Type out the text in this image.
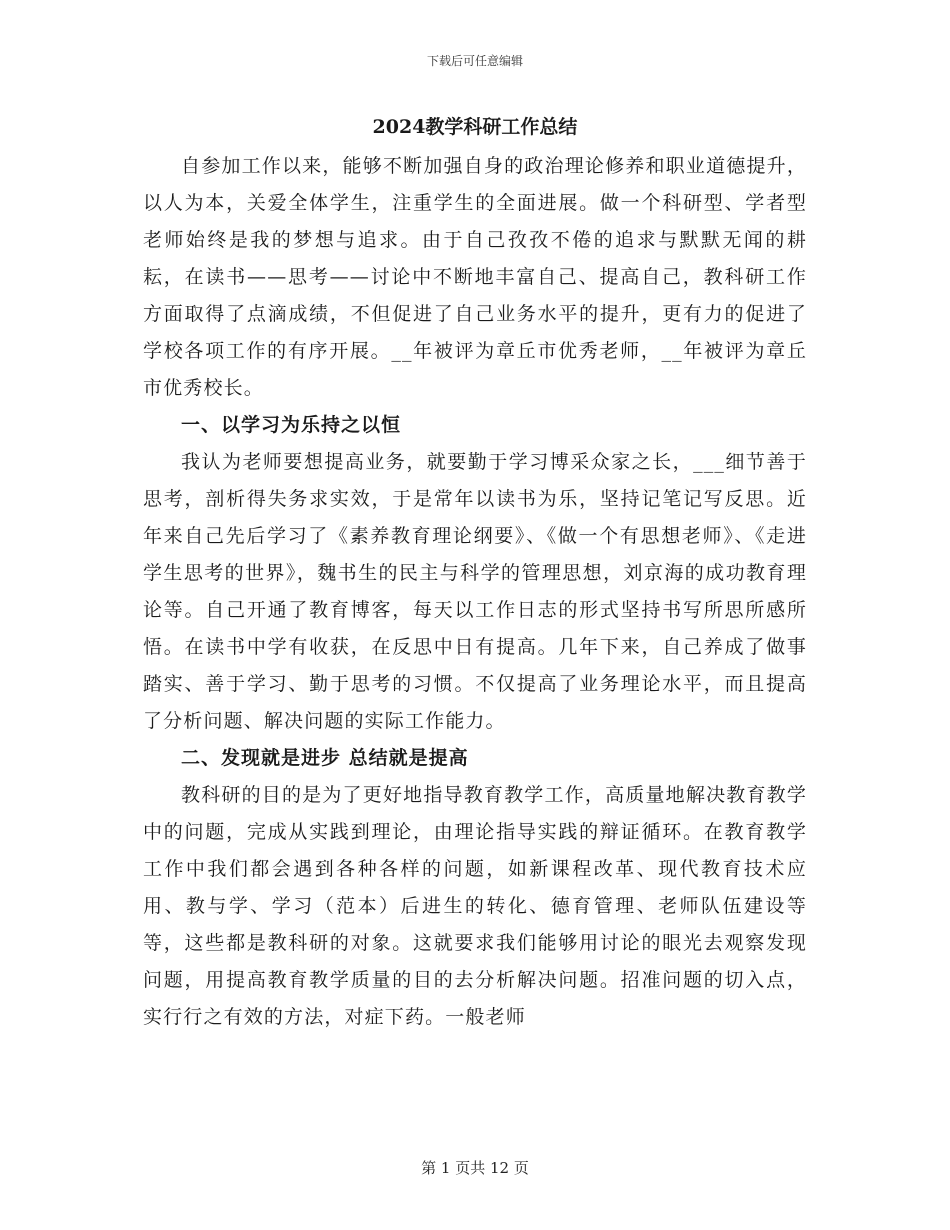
下载后可任意编辑
2024教学科研工作总结

自参加工作以来，能够不断加强自身的政治理论修养和职业道德提升，以人为本，关爱全体学生，注重学生的全面进展。做一个科研型、学者型老师始终是我的梦想与追求。由于自己孜孜不倦的追求与默默无闻的耕耘，在读书——思考——讨论中不断地丰富自己、提高自己，教科研工作方面取得了点滴成绩，不但促进了自己业务水平的提升，更有力的促进了学校各项工作的有序开展。__年被评为章丘市优秀老师，__年被评为章丘市优秀校长。

一、以学习为乐持之以恒

我认为老师要想提高业务，就要勤于学习博采众家之长，___细节善于思考，剖析得失务求实效，于是常年以读书为乐，坚持记笔记写反思。近年来自己先后学习了《素养教育理论纲要》、《做一个有思想老师》、《走进学生思考的世界》，魏书生的民主与科学的管理思想，刘京海的成功教育理论等。自己开通了教育博客，每天以工作日志的形式坚持书写所思所感所悟。在读书中学有收获，在反思中日有提高。几年下来，自己养成了做事踏实、善于学习、勤于思考的习惯。不仅提高了业务理论水平，而且提高了分析问题、解决问题的实际工作能力。

二、发现就是进步 总结就是提高

教科研的目的是为了更好地指导教育教学工作，高质量地解决教育教学中的问题，完成从实践到理论，由理论指导实践的辩证循环。在教育教学工作中我们都会遇到各种各样的问题，如新课程改革、现代教育技术应用、教与学、学习（范本）后进生的转化、德育管理、老师队伍建设等等，这些都是教科研的对象。这就要求我们能够用讨论的眼光去观察发现问题，用提高教育教学质量的目的去分析解决问题。招准问题的切入点，实行行之有效的方法，对症下药。一般老师

第 1 页共 12 页
